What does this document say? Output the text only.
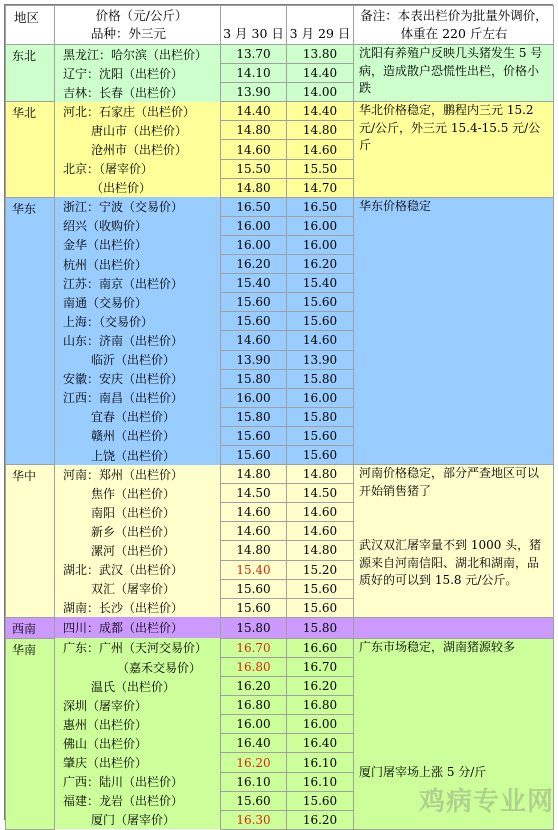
地区	价格（元/公斤）
品种：外三元	3 月 30 日	3 月 29 日	备注：本表出栏价为批量外调价，体重在 220 斤左右
东北	黑龙江：哈尔滨（出栏价）	13.70	13.80	沈阳有养殖户反映几头猪发生 5 号病，造成散户恐慌性出栏，价格小跌
	辽宁：沈阳（出栏价）	14.10	14.40	
	吉林：长春（出栏价）	13.90	14.00	
华北	河北：石家庄（出栏价）	14.40	14.40	华北价格稳定，鹏程内三元 15.2 元/公斤，外三元 15.4-15.5 元/公斤
	唐山市（出栏价）	14.80	14.80	
	沧州市（出栏价）	14.60	14.60	
	北京：（屠宰价）	15.50	15.50	
	（出栏价）	14.80	14.70	
华东	浙江：宁波（交易价）	16.50	16.50	华东价格稳定
	绍兴（收购价）	16.00	16.00	
	金华（出栏价）	16.00	16.00	
	杭州（出栏价）	16.20	16.20	
	江苏：南京（出栏价）	15.40	15.40	
	南通（交易价）	15.60	15.60	
	上海：（交易价）	15.60	15.60	
	山东：济南（出栏价）	14.60	14.60	
	临沂（出栏价）	13.90	13.90	
	安徽：安庆（出栏价）	15.80	15.80	
	江西：南昌（出栏价）	16.00	16.00	
	宜春（出栏价）	15.80	15.80	
	赣州（出栏价）	15.60	15.60	
	上饶（出栏价）	15.60	15.60	
华中	河南：郑州（出栏价）	14.80	14.80	河南价格稳定，部分严查地区可以开始销售猪了
武汉双汇屠宰量不到 1000 头，猪源来自河南信阳、湖北和湖南，品质好的可以到 15.8 元/公斤。

	焦作（出栏价）	14.50	14.50	
	南阳（出栏价）	14.60	14.60	
	新乡（出栏价）	14.60	14.60	
	漯河（出栏价）	14.80	14.80	
	湖北：武汉（出栏价）	15.40	15.20	
	双汇（屠宰价）	15.60	15.60	
	湖南：长沙（出栏价）	15.60	15.60	
西南	四川：成都（出栏价）	15.80	15.80	
华南	广东：广州（天河交易价）	16.70	16.60	广东市场稳定，湖南猪源较多
厦门屠宰场上涨 5 分/斤

	（嘉禾交易价）	16.80	16.70	
	温氏（出栏价）	16.20	16.20	
	深圳（屠宰价）	16.80	16.80	
	惠州（出栏价）	16.00	16.00	
	佛山（出栏价）	16.40	16.40	
	肇庆（出栏价）	16.20	16.10	
	广西：陆川（出栏价）	16.10	16.10	
	福建：龙岩（出栏价）	15.60	15.60	
	厦门（屠宰价）	16.30	16.20	
鸡病专业网
